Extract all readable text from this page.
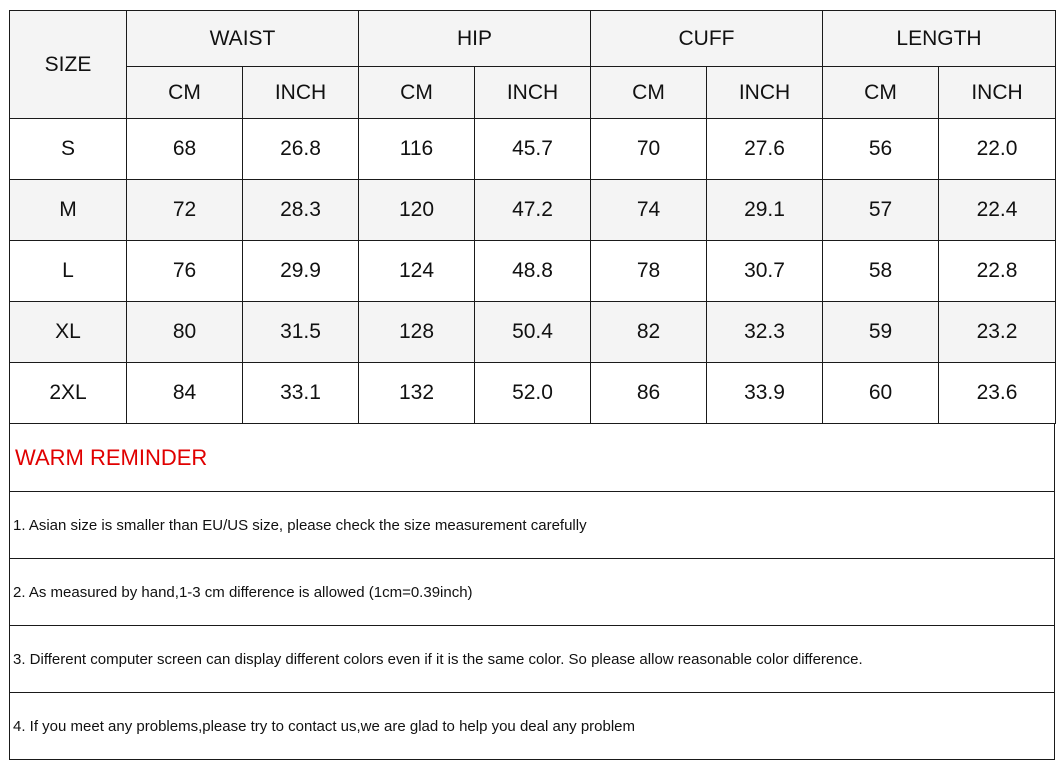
SIZE	WAIST		HIP		CUFF		LENGTH	
	CM	INCH	CM	INCH	CM	INCH	CM	INCH
S	68	26.8	116	45.7	70	27.6	56	22.0
M	72	28.3	120	47.2	74	29.1	57	22.4
L	76	29.9	124	48.8	78	30.7	58	22.8
XL	80	31.5	128	50.4	82	32.3	59	23.2
2XL	84	33.1	132	52.0	86	33.9	60	23.6
WARM REMINDER
1. Asian size is smaller than EU/US size, please check the size measurement carefully
2. As measured by hand,1-3 cm difference is allowed (1cm=0.39inch)
3. Different computer screen can display different colors even if it is the same color. So please allow reasonable color difference.
4. If you meet any problems,please try to contact us,we are glad to help you deal any problem
